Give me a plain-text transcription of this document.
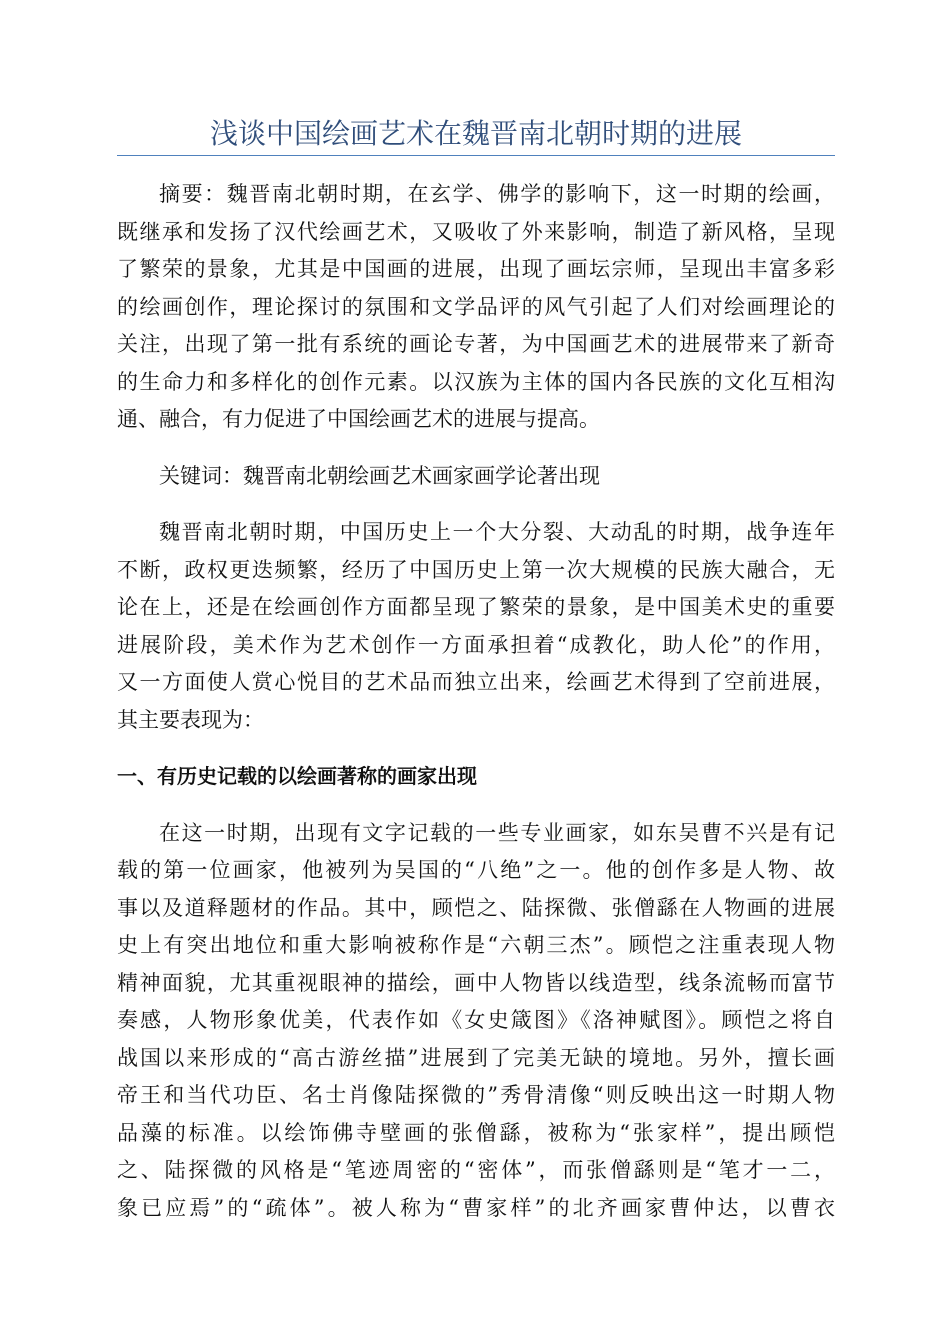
浅谈中国绘画艺术在魏晋南北朝时期的进展

摘要：魏晋南北朝时期，在玄学、佛学的影响下，这一时期的绘画，
既继承和发扬了汉代绘画艺术，又吸收了外来影响，制造了新风格，呈现
了繁荣的景象，尤其是中国画的进展，出现了画坛宗师，呈现出丰富多彩
的绘画创作，理论探讨的氛围和文学品评的风气引起了人们对绘画理论的
关注，出现了第一批有系统的画论专著，为中国画艺术的进展带来了新奇
的生命力和多样化的创作元素。以汉族为主体的国内各民族的文化互相沟
通、融合，有力促进了中国绘画艺术的进展与提高。

关键词：魏晋南北朝绘画艺术画家画学论著出现

魏晋南北朝时期，中国历史上一个大分裂、大动乱的时期，战争连年
不断，政权更迭频繁，经历了中国历史上第一次大规模的民族大融合，无
论在上，还是在绘画创作方面都呈现了繁荣的景象，是中国美术史的重要
进展阶段，美术作为艺术创作一方面承担着“成教化，助人伦”的作用，
又一方面使人赏心悦目的艺术品而独立出来，绘画艺术得到了空前进展，
其主要表现为：

一、有历史记载的以绘画著称的画家出现

在这一时期，出现有文字记载的一些专业画家，如东吴曹不兴是有记
载的第一位画家，他被列为吴国的“八绝”之一。他的创作多是人物、故
事以及道释题材的作品。其中，顾恺之、陆探微、张僧繇在人物画的进展
史上有突出地位和重大影响被称作是“六朝三杰”。顾恺之注重表现人物
精神面貌，尤其重视眼神的描绘，画中人物皆以线造型，线条流畅而富节
奏感，人物形象优美，代表作如《女史箴图》《洛神赋图》。顾恺之将自
战国以来形成的“高古游丝描”进展到了完美无缺的境地。另外，擅长画
帝王和当代功臣、名士肖像陆探微的”秀骨清像“则反映出这一时期人物
品藻的标准。以绘饰佛寺壁画的张僧繇，被称为“张家样”，提出顾恺
之、陆探微的风格是“笔迹周密的“密体”，而张僧繇则是“笔才一二，
象已应焉”的“疏体”。被人称为“曹家样”的北齐画家曹仲达，以曹衣
